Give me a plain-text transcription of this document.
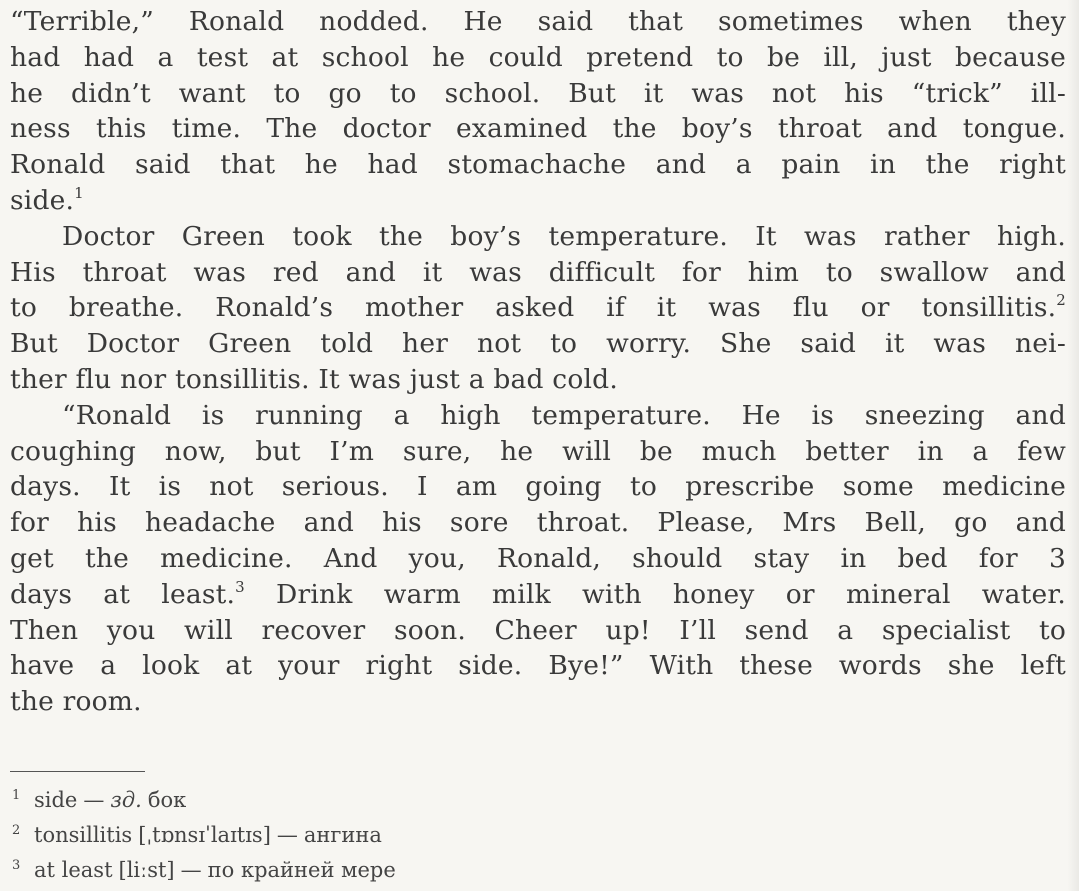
“Terrible,” Ronald nodded. He said that sometimes when they
had had a test at school he could pretend to be ill, just because
he didn’t want to go to school. But it was not his “trick” ill-
ness this time. The doctor examined the boy’s throat and tongue.
Ronald said that he had stomachache and a pain in the right
side.$^1$
Doctor Green took the boy’s temperature. It was rather high.
His throat was red and it was difficult for him to swallow and
to breathe. Ronald’s mother asked if it was flu or tonsillitis.$^2$
But Doctor Green told her not to worry. She said it was nei-
ther flu nor tonsillitis. It was just a bad cold.
“Ronald is running a high temperature. He is sneezing and
coughing now, but I’m sure, he will be much better in a few
days. It is not serious. I am going to prescribe some medicine
for his headache and his sore throat. Please, Mrs Bell, go and
get the medicine. And you, Ronald, should stay in bed for 3
days at least.$^3$ Drink warm milk with honey or mineral water.
Then you will recover soon. Cheer up! I’ll send a specialist to
have a look at your right side. Bye!” With these words she left
the room.
1 side — зд. бок
2 tonsillitis [ˌtɒnsɪˈlaɪtɪs] — ангина
3 at least [liːst] — по крайней мере
